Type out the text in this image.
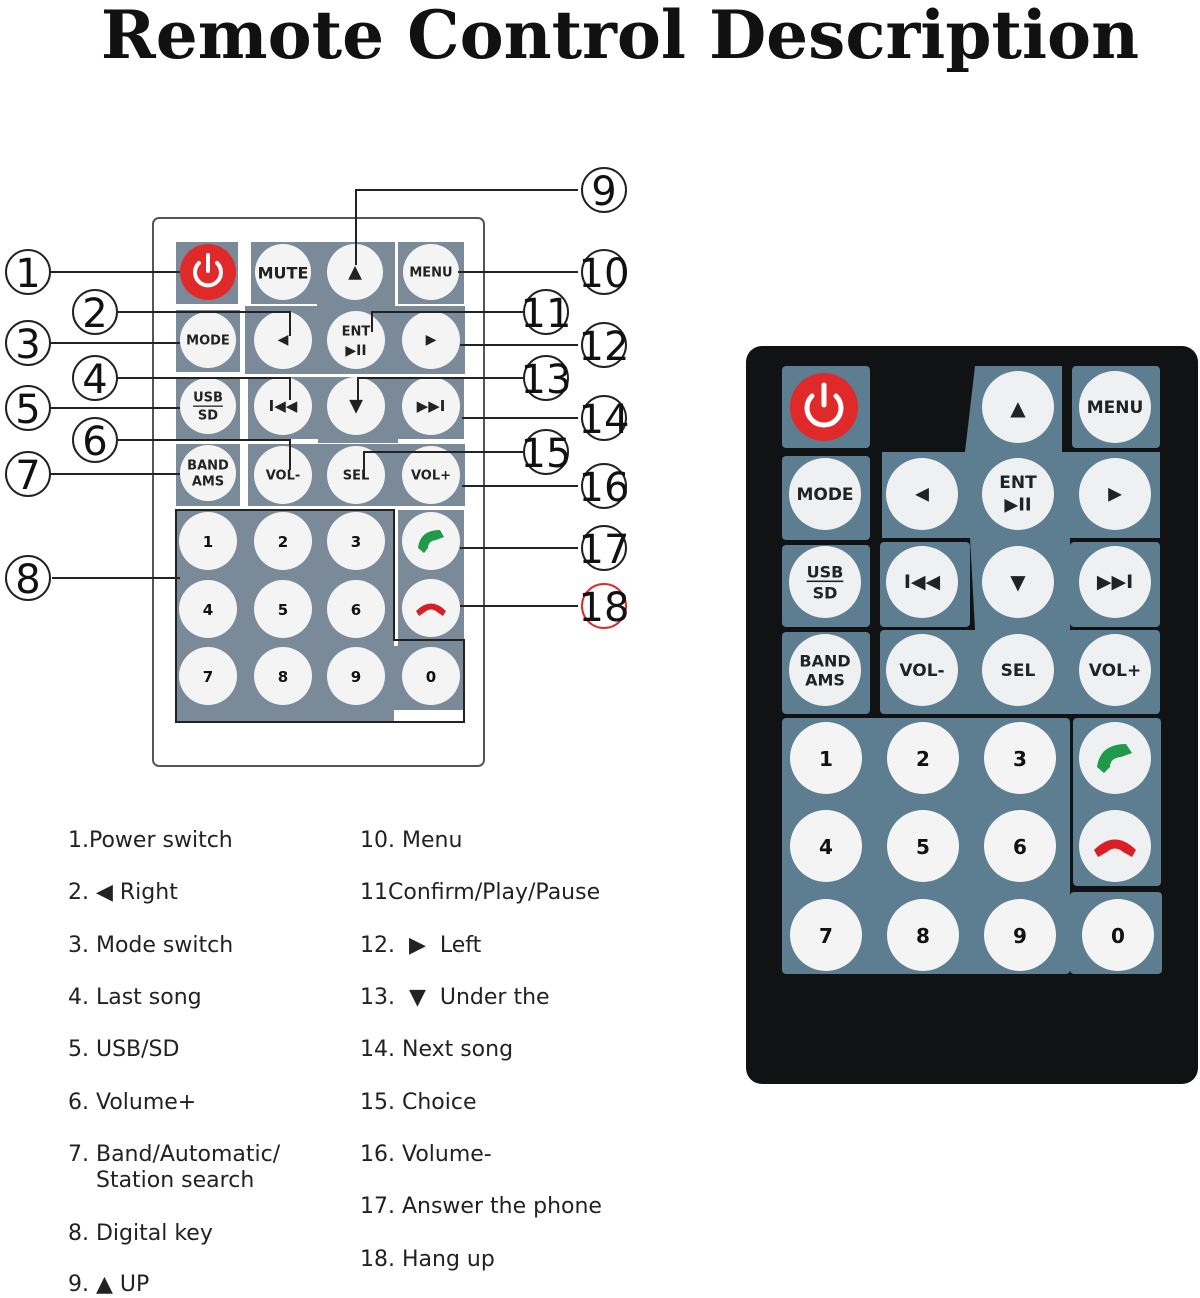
Remote Control Description
1	2	3
4	5	6
7	8	9	0
MUTE ▲	MENU
MODE	◀	ENT
▶II
▶
USB
SD
I◀◀	▼	▶▶I
BAND
AMS	VOL-	SEL	VOL+
1
2
3
4
5
6
7
8
9
10
11
12
13
14
15
16
17
18
1	2	3
4	5	6
7	8	9	0
▲	MENU
MODE	◀
ENT
▶II
▶
USB
SD	I◀◀	▼	▶▶I
BAND
AMS	VOL-	SEL	VOL+

1.Power switch

2. ◀ Right

3. Mode switch

4. Last song

5. USB/SD

6. Volume+

7. Band/Automatic/
Station search

8. Digital key

9. ▲ UP

10. Menu

11Confirm/Play/Pause

12.  ▶  Left

13.  ▼  Under the

14. Next song

15. Choice

16. Volume-

17. Answer the phone

18. Hang up
